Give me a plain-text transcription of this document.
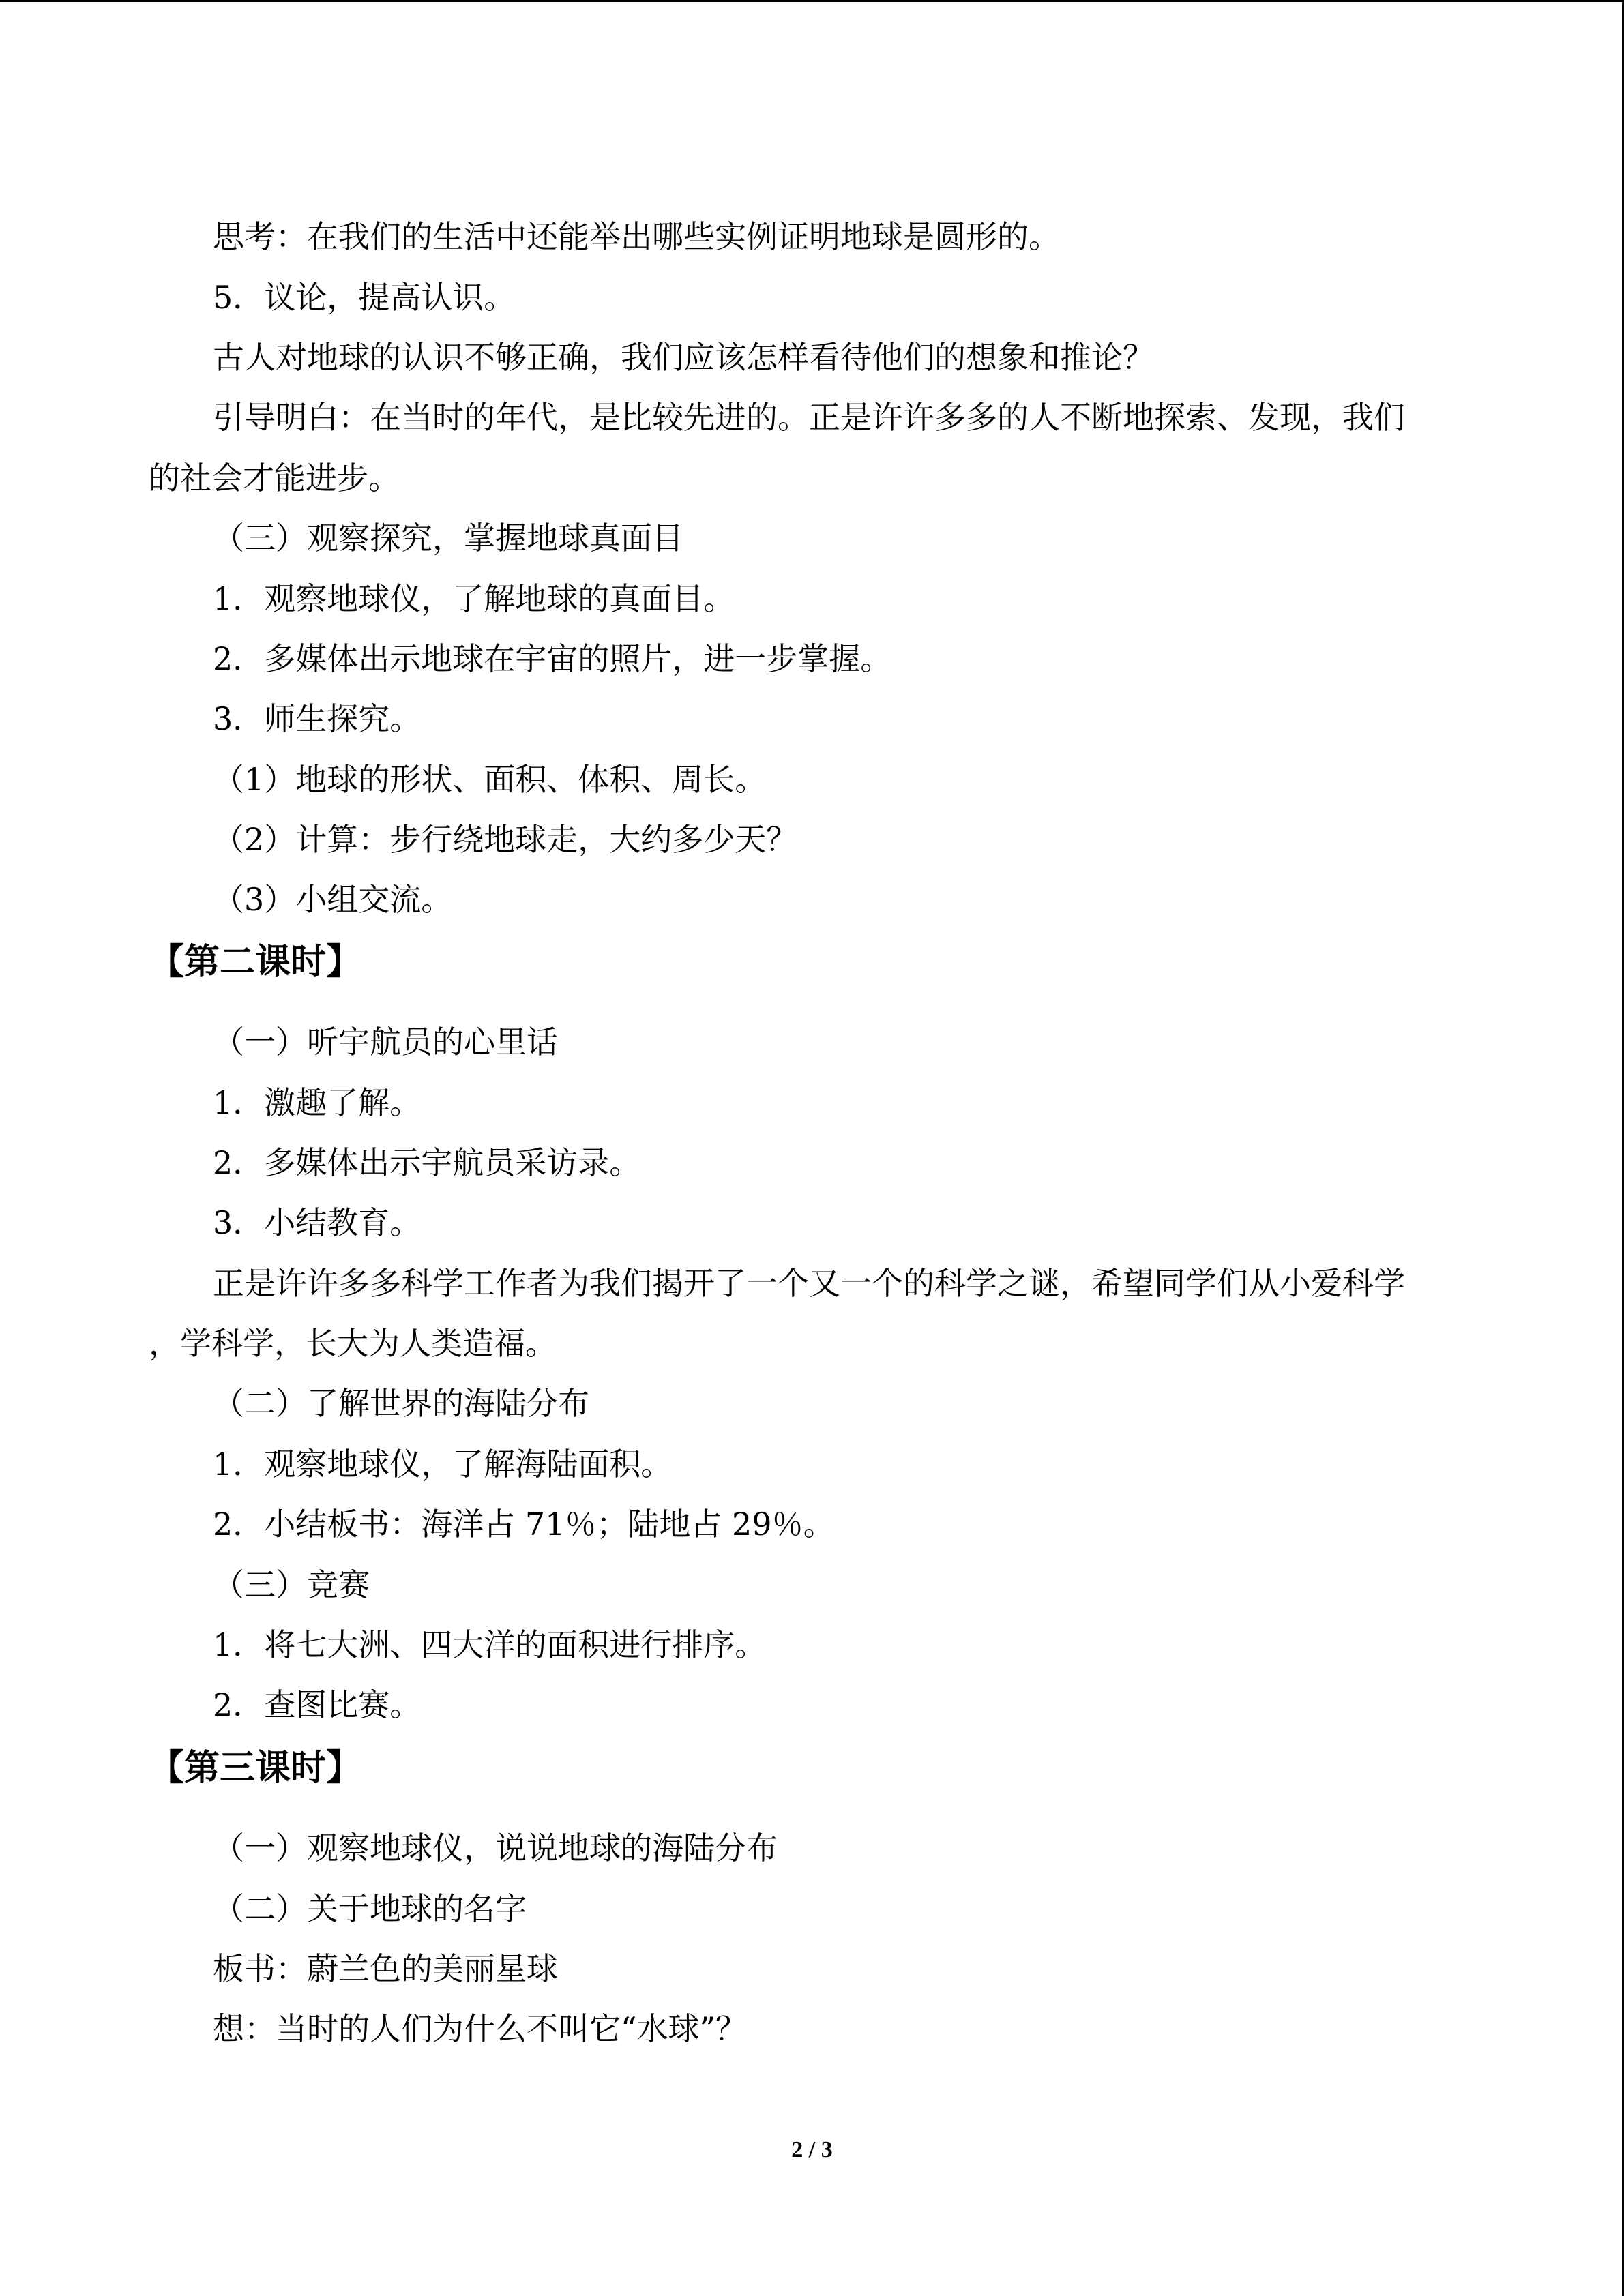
思考：在我们的生活中还能举出哪些实例证明地球是圆形的。
5．议论，提高认识。
古人对地球的认识不够正确，我们应该怎样看待他们的想象和推论？
引导明白：在当时的年代，是比较先进的。正是许许多多的人不断地探索、发现，我们
的社会才能进步。
（三）观察探究，掌握地球真面目
1．观察地球仪，了解地球的真面目。
2．多媒体出示地球在宇宙的照片，进一步掌握。
3．师生探究。
（1）地球的形状、面积、体积、周长。
（2）计算：步行绕地球走，大约多少天？
（3）小组交流。
【第二课时】
（一）听宇航员的心里话
1．激趣了解。
2．多媒体出示宇航员采访录。
3．小结教育。
正是许许多多科学工作者为我们揭开了一个又一个的科学之谜，希望同学们从小爱科学
，学科学，长大为人类造福。
（二）了解世界的海陆分布
1．观察地球仪，了解海陆面积。
2．小结板书：海洋占 71％；陆地占 29％。
（三）竞赛
1．将七大洲、四大洋的面积进行排序。
2．查图比赛。
【第三课时】
（一）观察地球仪，说说地球的海陆分布
（二）关于地球的名字
板书：蔚兰色的美丽星球
想：当时的人们为什么不叫它“水球”？
2 / 3
